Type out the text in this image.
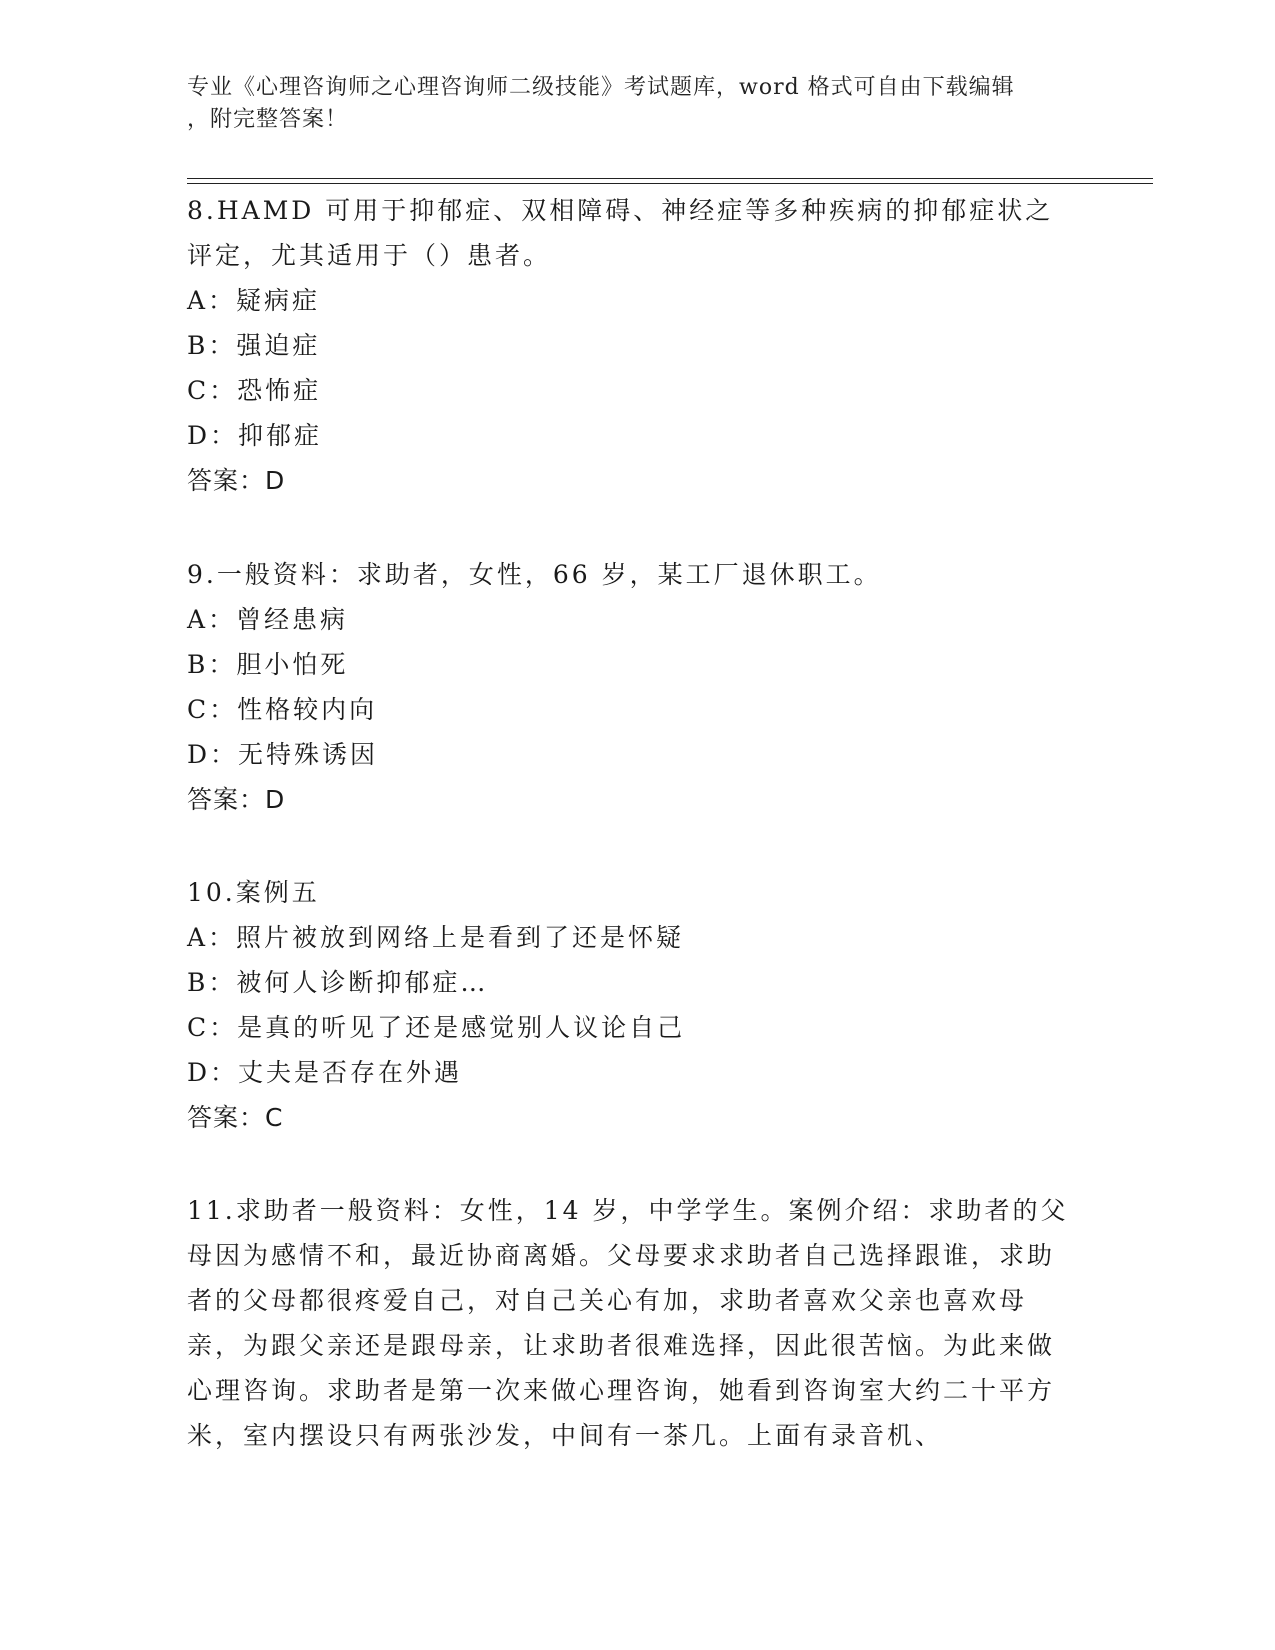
专业《心理咨询师之心理咨询师二级技能》考试题库，word 格式可自由下载编辑
，附完整答案！

8.HAMD 可用于抑郁症、双相障碍、神经症等多种疾病的抑郁症状之评定，尤其适用于（）患者。

A：疑病症

B：强迫症

C：恐怖症

D：抑郁症

答案：D

9.一般资料：求助者，女性，66 岁，某工厂退休职工。

A：曾经患病

B：胆小怕死

C：性格较内向

D：无特殊诱因

答案：D

10.案例五

A：照片被放到网络上是看到了还是怀疑

B：被何人诊断抑郁症…

C：是真的听见了还是感觉别人议论自己

D：丈夫是否存在外遇

答案：C

11.求助者一般资料：女性，14 岁，中学学生。案例介绍：求助者的父母因为感情不和，最近协商离婚。父母要求求助者自己选择跟谁，求助者的父母都很疼爱自己，对自己关心有加，求助者喜欢父亲也喜欢母亲，为跟父亲还是跟母亲，让求助者很难选择，因此很苦恼。为此来做心理咨询。求助者是第一次来做心理咨询，她看到咨询室大约二十平方米，室内摆设只有两张沙发，中间有一茶几。上面有录音机、
